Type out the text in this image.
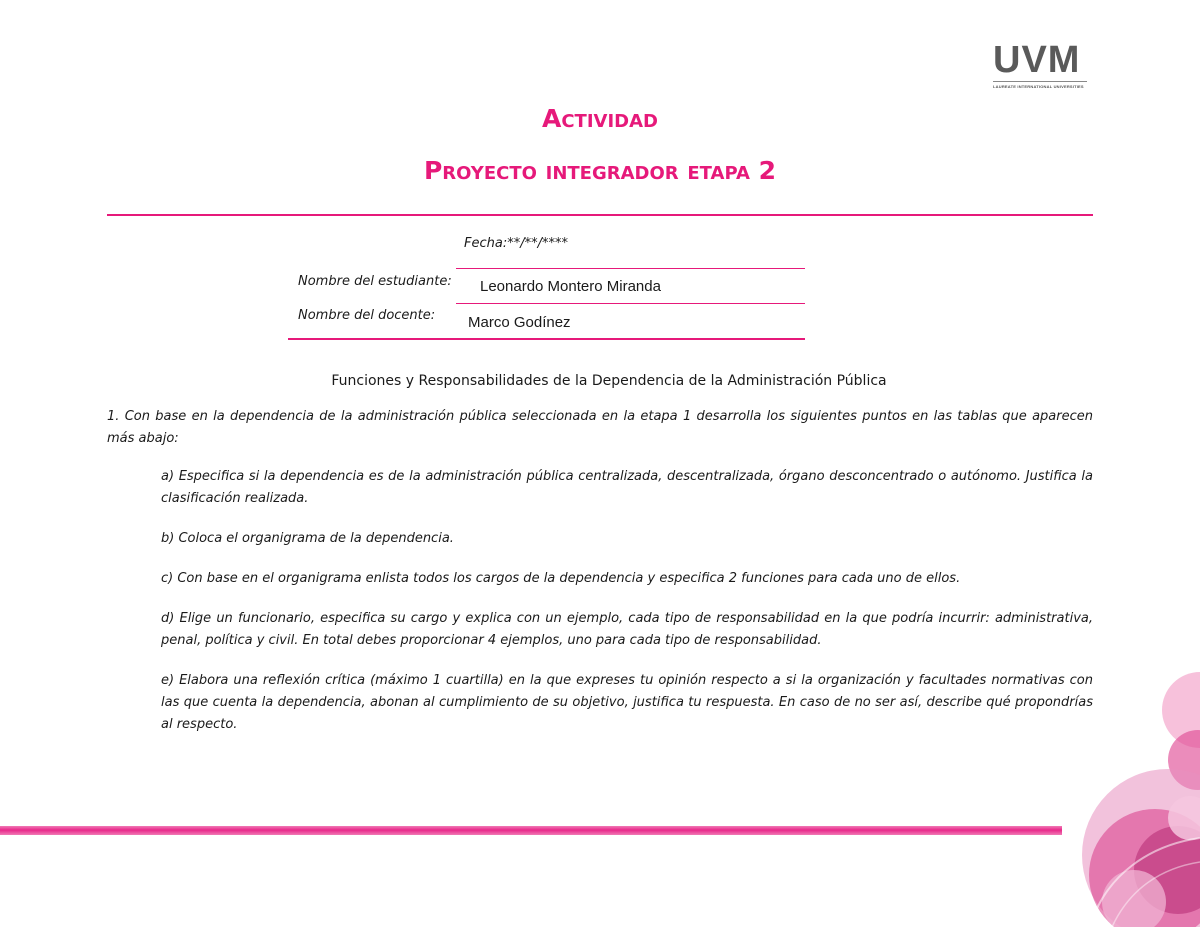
UVM
LAUREATE INTERNATIONAL UNIVERSITIES
Actividad
Proyecto integrador etapa 2
Fecha:**/**/****
Nombre del estudiante: Leonardo Montero Miranda
Nombre del docente: Marco Godínez
Funciones y Responsabilidades de la Dependencia de la Administración Pública

1. Con base en la dependencia de la administración pública seleccionada en la etapa 1 desarrolla los siguientes puntos en las tablas que aparecen más abajo:

a) Especifica si la dependencia es de la administración pública centralizada, descentralizada, órgano desconcentrado o autónomo. Justifica la clasificación realizada.

b) Coloca el organigrama de la dependencia.

c) Con base en el organigrama enlista todos los cargos de la dependencia y especifica 2 funciones para cada uno de ellos.

d) Elige un funcionario, especifica su cargo y explica con un ejemplo, cada tipo de responsabilidad en la que podría incurrir: administrativa, penal, política y civil. En total debes proporcionar 4 ejemplos, uno para cada tipo de responsabilidad.

e) Elabora una reflexión crítica (máximo 1 cuartilla) en la que expreses tu opinión respecto a si la organización y facultades normativas con las que cuenta la dependencia, abonan al cumplimiento de su objetivo, justifica tu respuesta. En caso de no ser así, describe qué propondrías al respecto.
